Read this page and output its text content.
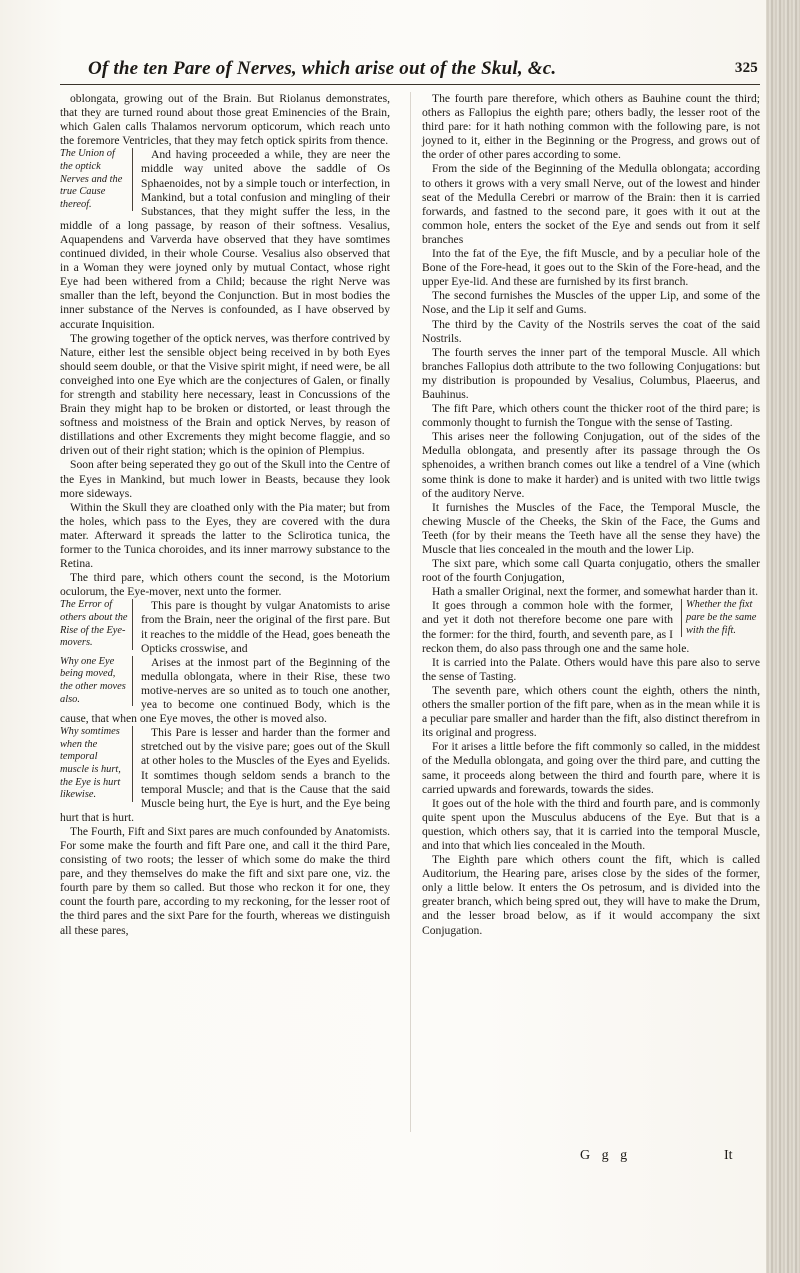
Of the ten Pare of Nerves, which arise out of the Skul, &c.	325

oblongata, growing out of the Brain. But Riolanus demonstrates, that they are turned round about those great Eminencies of the Brain, which Galen calls Thalamos nervorum opticorum, which reach unto the foremore Ventricles, that they may fetch optick spirits from thence.

The Union of the optick Nerves and the true Cause thereof.

And having proceeded a while, they are neer the middle way united above the saddle of Os Sphaenoides, not by a simple touch or interfection, in Mankind, but a total confusion and mingling of their Substances, that they might suffer the less, in the middle of a long passage, by reason of their softness. Vesalius, Aquapendens and Varverda have observed that they have somtimes continued divided, in their whole Course. Vesalius also observed that in a Woman they were joyned only by mutual Contact, whose right Eye had been withered from a Child; because the right Nerve was smaller than the left, beyond the Conjunction. But in most bodies the inner substance of the Nerves is confounded, as I have observed by accurate Inquisition.

The growing together of the optick nerves, was therfore contrived by Nature, either lest the sensible object being received in by both Eyes should seem double, or that the Visive spirit might, if need were, be all conveighed into one Eye which are the conjectures of Galen, or finally for strength and stability here necessary, least in Concussions of the Brain they might hap to be broken or distorted, or least through the softness and moistness of the Brain and optick Nerves, by reason of distillations and other Excrements they might become flaggie, and so driven out of their right station; which is the opinion of Plempius.

Soon after being seperated they go out of the Skull into the Centre of the Eyes in Mankind, but much lower in Beasts, because they look more sideways.

Within the Skull they are cloathed only with the Pia mater; but from the holes, which pass to the Eyes, they are covered with the dura mater. Afterward it spreads the latter to the Sclirotica tunica, the former to the Tunica choroides, and its inner marrowy substance to the Retina.

The third pare, which others count the second, is the Motorium oculorum, the Eye-mover, next unto the former.

The Error of others about the Rise of the Eye-movers.

This pare is thought by vulgar Anatomists to arise from the Brain, neer the original of the first pare. But it reaches to the middle of the Head, goes beneath the Opticks crosswise, and

Why one Eye being moved, the other moves also.

Arises at the inmost part of the Beginning of the medulla oblongata, where in their Rise, these two motive-nerves are so united as to touch one another, yea to become one continued Body, which is the cause, that when one Eye moves, the other is moved also.

Why somtimes when the temporal muscle is hurt, the Eye is hurt likewise.

This Pare is lesser and harder than the former and stretched out by the visive pare; goes out of the Skull at other holes to the Muscles of the Eyes and Eyelids. It somtimes though seldom sends a branch to the temporal Muscle; and that is the Cause that the said Muscle being hurt, the Eye is hurt, and the Eye being hurt that is hurt.

The Fourth, Fift and Sixt pares are much confounded by Anatomists. For some make the fourth and fift Pare one, and call it the third Pare, consisting of two roots; the lesser of which some do make the third pare, and they themselves do make the fift and sixt pare one, viz. the fourth pare by them so called. But those who reckon it for one, they count the fourth pare, according to my reckoning, for the lesser root of the third pares and the sixt Pare for the fourth, whereas we distinguish all these pares,

The fourth pare therefore, which others as Bauhine count the third; others as Fallopius the eighth pare; others badly, the lesser root of the third pare: for it hath nothing common with the following pare, is not joyned to it, either in the Beginning or the Progress, and grows out of the order of other pares according to some.

From the side of the Beginning of the Medulla oblongata; according to others it grows with a very small Nerve, out of the lowest and hinder seat of the Medulla Cerebri or marrow of the Brain: then it is carried forwards, and fastned to the second pare, it goes with it out at the common hole, enters the socket of the Eye and sends out from it self branches

Into the fat of the Eye, the fift Muscle, and by a peculiar hole of the Bone of the Fore-head, it goes out to the Skin of the Fore-head, and the upper Eye-lid. And these are furnished by its first branch.

The second furnishes the Muscles of the upper Lip, and some of the Nose, and the Lip it self and Gums.

The third by the Cavity of the Nostrils serves the coat of the said Nostrils.

The fourth serves the inner part of the temporal Muscle. All which branches Fallopius doth attribute to the two following Conjugations: but my distribution is propounded by Vesalius, Columbus, Plaeerus, and Bauhinus.

The fift Pare, which others count the thicker root of the third pare; is commonly thought to furnish the Tongue with the sense of Tasting.

This arises neer the following Conjugation, out of the sides of the Medulla oblongata, and presently after its passage through the Os sphenoides, a writhen branch comes out like a tendrel of a Vine (which some think is done to make it harder) and is united with two little twigs of the auditory Nerve.

It furnishes the Muscles of the Face, the Temporal Muscle, the chewing Muscle of the Cheeks, the Skin of the Face, the Gums and Teeth (for by their means the Teeth have all the sense they have) the Muscle that lies concealed in the mouth and the lower Lip.

The sixt pare, which some call Quarta conjugatio, others the smaller root of the fourth Conjugation,

Hath a smaller Original, next the former, and somewhat harder than it.

Whether the fixt pare be the same with the fift.

It goes through a common hole with the former, and yet it doth not therefore become one pare with the former: for the third, fourth, and seventh pare, as I reckon them, do also pass through one and the same hole.

It is carried into the Palate. Others would have this pare also to serve the sense of Tasting.

The seventh pare, which others count the eighth, others the ninth, others the smaller portion of the fift pare, when as in the mean while it is a peculiar pare smaller and harder than the fift, also distinct therefrom in its original and progress.

For it arises a little before the fift commonly so called, in the middest of the Medulla oblongata, and going over the third pare, and cutting the same, it proceeds along between the third and fourth pare, where it is carried upwards and forewards, towards the sides.

It goes out of the hole with the third and fourth pare, and is commonly quite spent upon the Musculus abducens of the Eye. But that is a question, which others say, that it is carried into the temporal Muscle, and into that which lies concealed in the Mouth.

The Eighth pare which others count the fift, which is called Auditorium, the Hearing pare, arises close by the sides of the former, only a little below. It enters the Os petrosum, and is divided into the greater branch, which being spred out, they will have to make the Drum, and the lesser broad below, as if it would accompany the sixt Conjugation.

G g g	It
